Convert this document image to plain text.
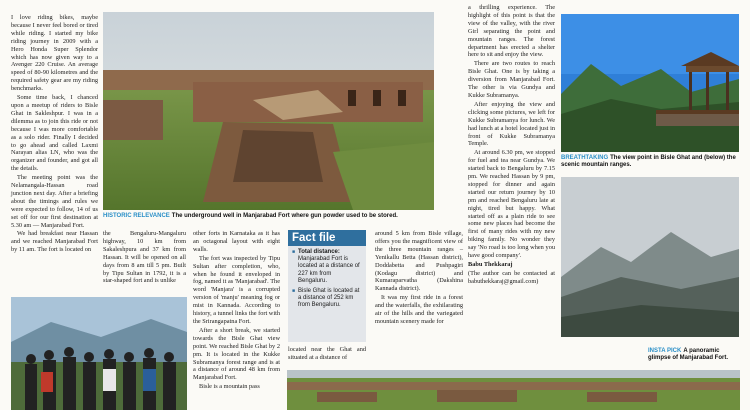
I love riding bikes, maybe because I never feel bored or tired while riding. I started my bike riding journey in 2009 with a Hero Honda Super Splendor which has now given way to a Avenger 220 Cruise. An average speed of 80-90 kilometres and the required safety gear are my riding benchmarks.

Some time back, I chanced upon a meetup of riders to Bisle Ghat in Sakleshpur. I was in a dilemma as to join this ride or not because I was more comfortable as a solo rider. Finally I decided to go ahead and called Laxmi Narayan alias LN, who was the organizer and founder, and got all the details.

The meeting point was the Nelamangala-Hassan road junction next day. After a briefing about the timings and rules we were expected to follow, 14 of us set off for our first destination at 5.30 am — Manjarabad Fort.

We had breakfast near Hassan and we reached Manjarabad Fort by 11 am. The fort is located on

HISTORIC RELEVANCE The underground well in Manjarabad Fort where gun powder used to be stored.

the Bengaluru-Mangaluru highway, 10 km from Sakaleshpura and 37 km from Hassan. It will be opened on all days from 8 am till 5 pm. Built by Tipu Sultan in 1792, it is a star-shaped fort and is unlike

other forts in Karnataka as it has an octagonal layout with eight walls.

The fort was inspected by Tipu Sultan after completion, who, when he found it enveloped in fog, named it as 'Manjarabad'. The word 'Manjara' is a corrupted version of 'manju' meaning fog or mist in Kannada. According to history, a tunnel links the fort with the Srirangapatna Fort.

After a short break, we started towards the Bisle Ghat view point. We reached Bisle Ghat by 2 pm. It is located in the Kukke Subramanya forest range and is at a distance of around 48 km from Manjarabad Fort.

Bisle is a mountain pass

Fact file
■ Total distance: Manjarabad Fort is located at a distance of 227 km from Bengaluru.
■ Bisle Ghat is located at a distance of 252 km from Bengaluru.

located near the Ghat and situated at a distance of

around 5 km from Bisle village, offers you the magnificent view of the three mountain ranges – Yenikallu Betta (Hassan district), Doddabetta and Pushpagiri (Kodagu district) and Kumaraparvatha (Dakshina Kannada district).

It was my first ride in a forest and the waterfalls, the exhilarating air of the hills and the variegated mountain scenery made for

a thrilling experience. The highlight of this point is that the view of the valley, with the river Girl separating the point and mountain ranges. The forest department has erected a shelter here to sit and enjoy the view.

There are two routes to reach Bisle Ghat. One is by taking a diversion from Manjarabad Fort. The other is via Gundya and Kukke Subramanya.

After enjoying the view and clicking some pictures, we left for Kukke Subramanya for lunch. We had lunch at a hotel located just in front of Kukke Subramanya Temple.

At around 6.30 pm, we stopped for fuel and tea near Gundya. We started back to Bengaluru by 7.15 pm. We reached Hassan by 9 pm, stopped for dinner and again started our return journey by 10 pm and reached Bengaluru late at night, tired but happy. What started off as a plain ride to see some new places had become the first of many rides with my new biking family. No wonder they say 'No road is too long when you have good company'.

Babu Thekkaraj

(The author can be contacted at babuthekkaraj@gmail.com)

BREATHTAKING The view point in Bisle Ghat and (below) the scenic mountain ranges.
INSTA PICK A panoramic glimpse of Manjarabad Fort.
